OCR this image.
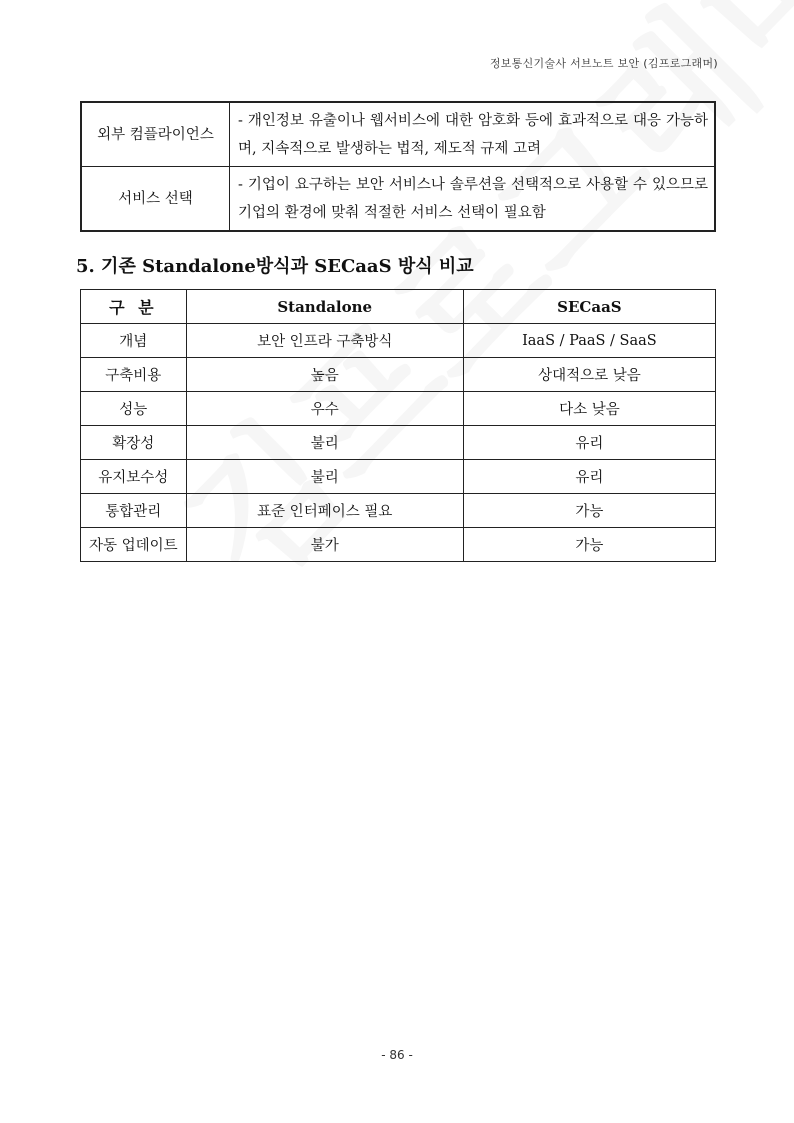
정보통신기술사 서브노트 보안 (김프로그래머)
외부 컴플라이언스	- 개인정보 유출이나 웹서비스에 대한 암호화 등에 효과적으로 대응 가능하며, 지속적으로 발생하는 법적, 제도적 규제 고려
서비스 선택	- 기업이 요구하는 보안 서비스나 솔루션을 선택적으로 사용할 수 있으므로 기업의 환경에 맞춰 적절한 서비스 선택이 필요함
5. 기존 Standalone방식과 SECaaS 방식 비교
구 분	Standalone	SECaaS
개념	보안 인프라 구축방식	IaaS / PaaS / SaaS
구축비용	높음	상대적으로 낮음
성능	우수	다소 낮음
확장성	불리	유리
유지보수성	불리	유리
통합관리	표준 인터페이스 필요	가능
자동 업데이트	불가	가능
- 86 -
